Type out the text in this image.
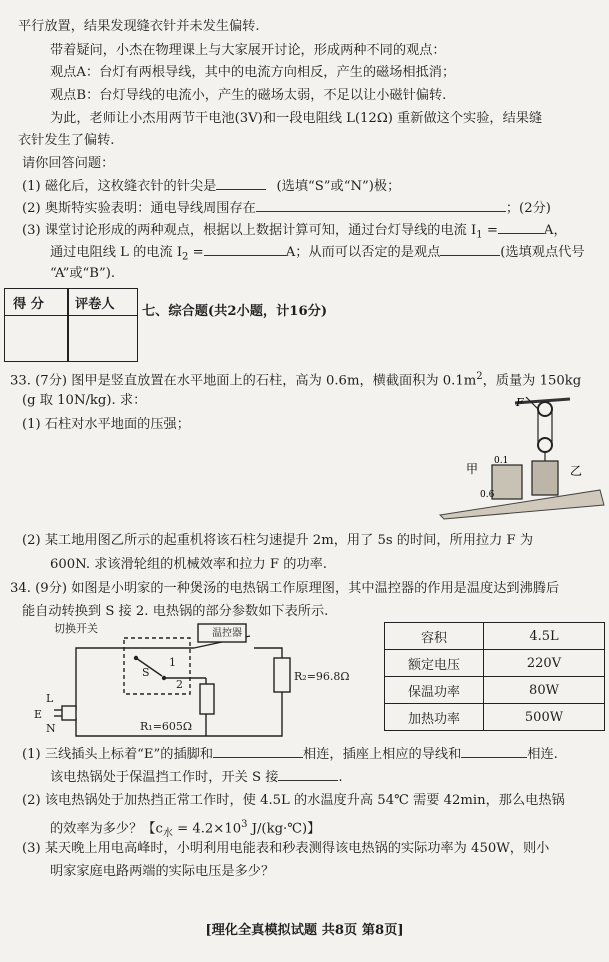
平行放置，结果发现缝衣针并未发生偏转.
带着疑问，小杰在物理课上与大家展开讨论，形成两种不同的观点：
观点A：台灯有两根导线，其中的电流方向相反，产生的磁场相抵消；
观点B：台灯导线的电流小，产生的磁场太弱，不足以让小磁针偏转.
为此，老师让小杰用两节干电池(3V)和一段电阻线 L(12Ω) 重新做这个实验，结果缝
衣针发生了偏转.
请你回答问题：
(1) 磁化后，这枚缝衣针的针尖是	(选填“S”或“N”)极；
(2) 奥斯特实验表明：通电导线周围存在	；(2分)
(3) 课堂讨论形成的两种观点，根据以上数据计算可知，通过台灯导线的电流 $I_1$ =	A，
通过电阻线 L 的电流 $I_2$ =	A；从而可以否定的是观点	(选填观点代号
“A”或“B”).
得 分 评卷人 七、综合题(共2小题，计16分)
33. (7分) 图甲是竖直放置在水平地面上的石柱，高为 0.6m，横截面积为 $0.1m^2$，质量为 150kg
(g 取 10N/kg). 求：
(1) 石柱对水平地面的压强；
F
甲	乙
0.1
0.6
(2) 某工地用图乙所示的起重机将该石柱匀速提升 2m，用了 5s 的时间，所用拉力 F 为
600N. 求该滑轮组的机械效率和拉力 F 的功率.
34. (9分) 如图是小明家的一种煲汤的电热锅工作原理图，其中温控器的作用是温度达到沸腾后
能自动转换到 S 接 2. 电热锅的部分参数如下表所示.
切换开关	温控器
S
1
2
R₁=605Ω
R₂=96.8Ω
L
E
N
容积	4.5L
额定电压	220V
保温功率	80W
加热功率	500W
(1) 三线插头上标着“E”的插脚和	相连，插座上相应的导线和	相连.
该电热锅处于保温挡工作时，开关 S 接	.
(2) 该电热锅处于加热挡正常工作时，使 4.5L 的水温度升高 54℃ 需要 42min，那么电热锅
的效率为多少？【$c_水 = 4.2\times 10^3$ J/(kg·℃)】
(3) 某天晚上用电高峰时，小明利用电能表和秒表测得该电热锅的实际功率为 450W，则小
明家家庭电路两端的实际电压是多少？
[理化全真模拟试题 共8页 第8页]
